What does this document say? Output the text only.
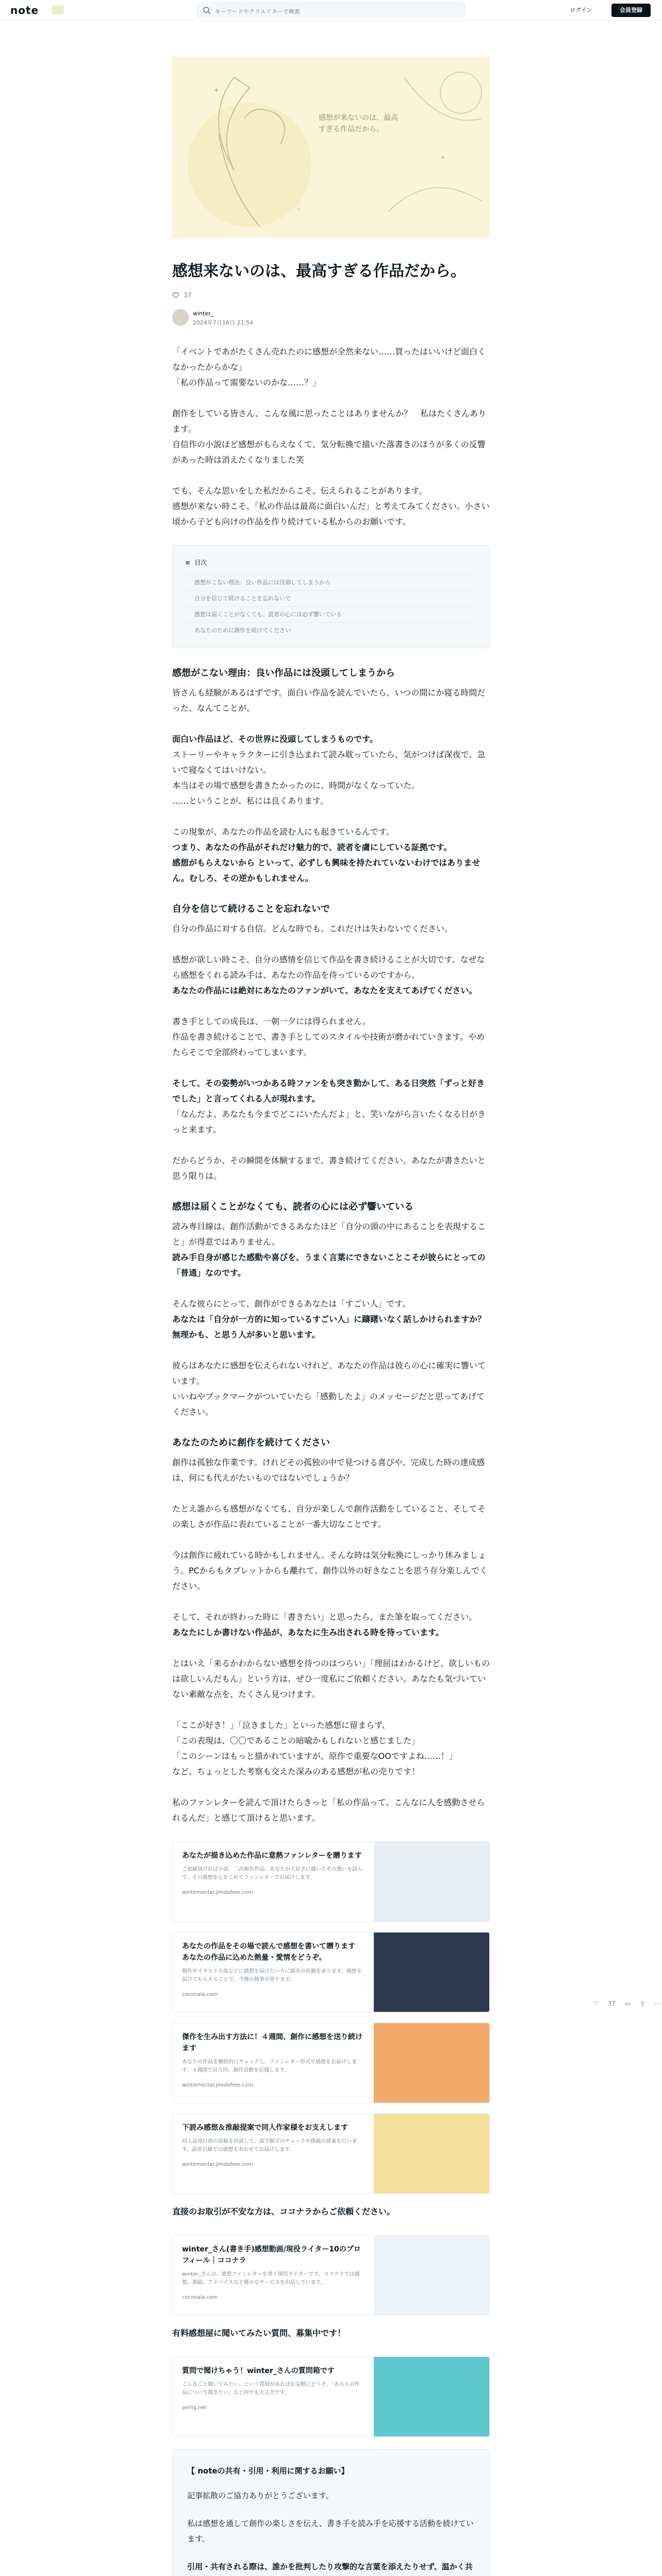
note	キーワードやクリエイターで検索	ログイン	会員登録
✦
✦
✧
感想が来ないのは、最高すぎる作品だから。
感想来ないのは、最高すぎる作品だから。
37
winter_
2024年7月16日 21:54

「イベントであがたくさん売れたのに感想が全然来ない……買ったはいいけど面白くなかったからかな」

「私の作品って需要ないのかな……？」

創作をしている皆さん、こんな風に思ったことはありませんか？　私はたくさんあります。

自信作の小説ほど感想がもらえなくて、気分転換で描いた落書きのほうが多くの反響があった時は消えたくなりました笑

でも、そんな思いをした私だからこそ、伝えられることがあります。

感想が来ない時こそ、「私の作品は最高に面白いんだ」と考えてみてください。小さい頃から子ども向けの作品を作り続けている私からのお願いです。

≡ 目次
感想がこない理由：良い作品には没頭してしまうから
自分を信じて続けることを忘れないで
感想は届くことがなくても、読者の心には必ず響いている
あなたのために創作を続けてください
感想がこない理由：良い作品には没頭してしまうから

皆さんも経験があるはずです。面白い作品を読んでいたら、いつの間にか寝る時間だった、なんてことが。

面白い作品ほど、その世界に没頭してしまうものです。

ストーリーやキャラクターに引き込まれて読み耽っていたら、気がつけば深夜で、急いで寝なくてはいけない。

本当はその場で感想を書きたかったのに、時間がなくなっていた。

……ということが、私には良くあります。

この現象が、あなたの作品を読む人にも起きているんです。

つまり、あなたの作品がそれだけ魅力的で、読者を虜にしている証拠です。

感想がもらえないから といって、必ずしも興味を持たれていないわけではありません。むしろ、その逆かもしれません。

自分を信じて続けることを忘れないで

自分の作品に対する自信。どんな時でも、これだけは失わないでください。

感想が欲しい時こそ、自分の感情を信じて作品を書き続けることが大切です。なぜなら感想をくれる読み手は、あなたの作品を待っているのですから。

あなたの作品には絶対にあなたのファンがいて、あなたを支えてあげてください。

書き手としての成長は、一朝一夕には得られません。

作品を書き続けることで、書き手としてのスタイルや技術が磨かれていきます。やめたらそこで全部終わってしまいます。

そして、その姿勢がいつかある時ファンをも突き動かして、ある日突然「ずっと好きでした」と言ってくれる人が現れます。

「なんだよ、あなたも今までどこにいたんだよ」と、笑いながら言いたくなる日がきっと来ます。

だからどうか、その瞬間を体験するまで、書き続けてください。あなたが書きたいと思う限りは。

感想は届くことがなくても、読者の心には必ず響いている

読み専目線は、創作活動ができるあなたほど「自分の頭の中にあることを表現すること」が得意ではありません。

読み手自身が感じた感動や喜びを、うまく言葉にできないことこそが彼らにとっての「普通」なのです。

そんな彼らにとって、創作ができるあなたは「すごい人」です。

あなたは「自分が一方的に知っているすごい人」に躊躇いなく話しかけられますか？　無理かも、と思う人が多いと思います。

彼らはあなたに感想を伝えられないけれど、あなたの作品は彼らの心に確実に響いています。

いいねやブックマークがついていたら「感動したよ」のメッセージだと思ってあげてください。

あなたのために創作を続けてください

創作は孤独な作業です。けれどその孤独の中で見つける喜びや、完成した時の達成感は、何にも代えがたいものではないでしょうか？

たとえ誰からも感想がなくても、自分が楽しんで創作活動をしていること、そしてその楽しさが作品に表れていることが一番大切なことです。

今は創作に疲れている時かもしれません。そんな時は気分転換にしっかり休みましょう。PCからもタブレットからも離れて、創作以外の好きなことを思う存分楽しんでください。

そして、それが終わった時に「書きたい」と思ったら、また筆を取ってください。

あなたにしか書けない作品が、あなたに生み出される時を待っています。

とはいえ「来るかわからない感想を待つのはつらい」「理屈はわかるけど、欲しいものは欲しいんだもん」という方は、ぜひ一度私にご依頼ください。あなたも気づいていない素敵な点を、たくさん見つけます。

「ここが好き！」「泣きました」といった感想に留まらず、

「この表現は、〇〇であることの暗喩かもしれないと感じました」

「このシーンはもっと描かれていますが、原作で重要なOOですよね……！」

など、ちょっとした考察も交えた深みのある感想が私の売りです！

私のファンレターを読んで頂けたらきっと「私の作品って、こんなに人を感動させられるんだ」と感じて頂けると思います。

あなたが描き込めた作品に意熱ファンレターを贈ります
ご依頼頂ければ小説、二次創作作品、あなたが大好きに描いたその想いを読んで、その感想を心をこめてファンレターでお届けします。
winternectar.jimdofree.com
あなたの作品をその場で読んで感想を書いて贈ります あなたの作品に込めた熱量・愛情をどうぞ。
創作やイラスト小説などに感想を届けたい方に描きの依頼を承ります。感想を届けてもらえることで、今後の執筆が捗ります。
coconala.com
傑作を生み出す方法に！４週間、創作に感想を送り続けます
あなたの作品を継続的にチェックし、ファンレター形式で感想をお届けします。４週間で計５回、創作活動を応援します。
winternectar.jimdofree.com
下読み感想＆推敲提案で同人作家様をお支えします
同人誌発行前の原稿を拝読して、誤字脱字のチェックや推敲の提案を行います。読者目線での感想もあわせてお届けします。
winternectar.jimdofree.com

直接のお取引が不安な方は、ココナラからご依頼ください。

winter_さん(書き手)感想動画/現役ライター10のプロフィール｜ココナラ
winter_さんは、感想ファンレターを書く現役ライターです。ココナラでは感想、推敲、アドバイスなど様々なサービスを出品しています。
coconala.com

有料感想屋に聞いてみたい質問、募集中です！

質問で聞けちゃう！winter_さんの質問箱です
こんなこと聞いてみたい、という質問があればお気軽にどうぞ。「あの人の作品について聞きたい」など何でも大丈夫です。
peing.net
【 noteの共有・引用・利用に関するお願い】

記事拡散のご協力ありがとうございます。

私は感想を通して創作の楽しさを伝え、書き手を読み手を応援する活動を続けています。

引用・共有される際は、誰かを批判したり攻撃的な言葉を添えたりせず、温かく共

♡ 37 ▭ ⇪ ⋯
